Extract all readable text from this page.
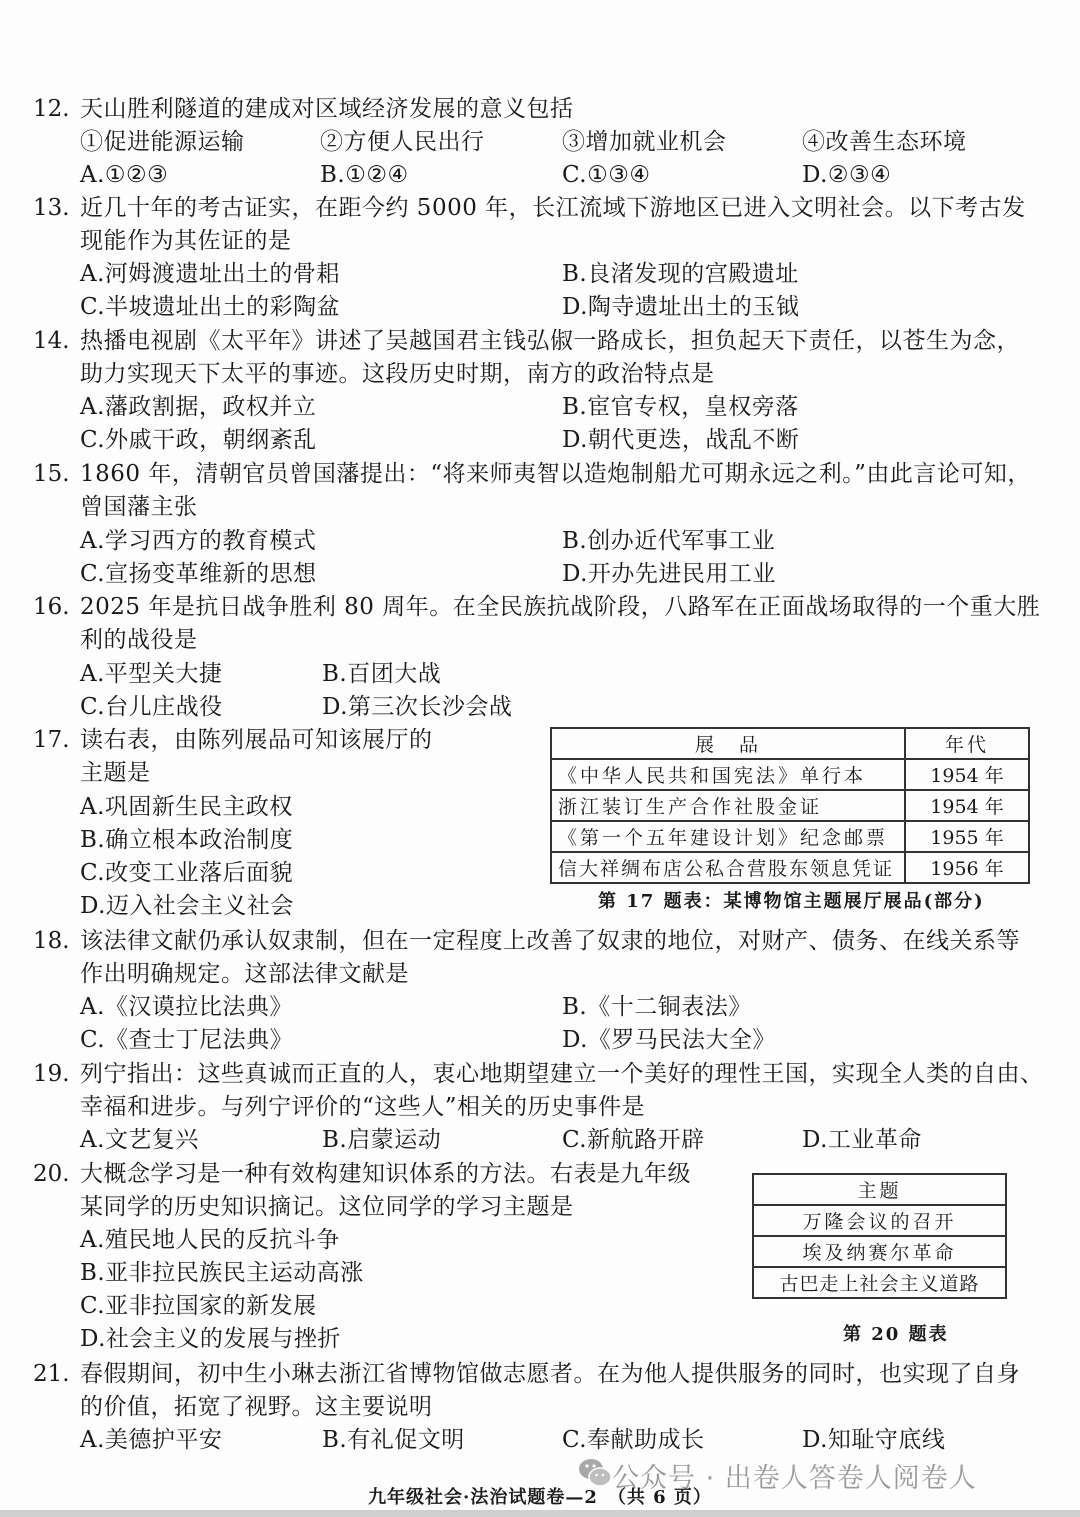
12. 天山胜利隧道的建成对区域经济发展的意义包括
①促进能源运输	②方便人民出行	③增加就业机会	④改善生态环境
A.①②③	B.①②④	C.①③④	D.②③④
13. 近几十年的考古证实，在距今约 5000 年，长江流域下游地区已进入文明社会。以下考古发
现能作为其佐证的是
A.河姆渡遗址出土的骨耜	B.良渚发现的宫殿遗址
C.半坡遗址出土的彩陶盆	D.陶寺遗址出土的玉钺
14. 热播电视剧《太平年》讲述了吴越国君主钱弘俶一路成长，担负起天下责任，以苍生为念，
助力实现天下太平的事迹。这段历史时期，南方的政治特点是
A.藩政割据，政权并立	B.宦官专权，皇权旁落
C.外戚干政，朝纲紊乱	D.朝代更迭，战乱不断
15. 1860 年，清朝官员曾国藩提出：“将来师夷智以造炮制船尤可期永远之利。”由此言论可知，
曾国藩主张
A.学习西方的教育模式	B.创办近代军事工业
C.宣扬变革维新的思想	D.开办先进民用工业
16. 2025 年是抗日战争胜利 80 周年。在全民族抗战阶段，八路军在正面战场取得的一个重大胜
利的战役是
A.平型关大捷	B.百团大战
C.台儿庄战役	D.第三次长沙会战
17. 读右表，由陈列展品可知该展厅的
主题是
A.巩固新生民主政权
B.确立根本政治制度
C.改变工业落后面貌
D.迈入社会主义社会
展　品	年代
《中华人民共和国宪法》单行本	1954 年
浙江装订生产合作社股金证	1954 年
《第一个五年建设计划》纪念邮票	1955 年
信大祥绸布店公私合营股东领息凭证	1956 年
第 17 题表：某博物馆主题展厅展品(部分)
18. 该法律文献仍承认奴隶制，但在一定程度上改善了奴隶的地位，对财产、债务、在线关系等
作出明确规定。这部法律文献是
A.《汉谟拉比法典》	B.《十二铜表法》
C.《查士丁尼法典》	D.《罗马民法大全》
19. 列宁指出：这些真诚而正直的人，衷心地期望建立一个美好的理性王国，实现全人类的自由、
幸福和进步。与列宁评价的“这些人”相关的历史事件是
A.文艺复兴	B.启蒙运动	C.新航路开辟	D.工业革命
20. 大概念学习是一种有效构建知识体系的方法。右表是九年级
某同学的历史知识摘记。这位同学的学习主题是
A.殖民地人民的反抗斗争
B.亚非拉民族民主运动高涨
C.亚非拉国家的新发展
D.社会主义的发展与挫折
主题
万隆会议的召开
埃及纳赛尔革命
古巴走上社会主义道路
第 20 题表
21. 春假期间，初中生小琳去浙江省博物馆做志愿者。在为他人提供服务的同时，也实现了自身
的价值，拓宽了视野。这主要说明
A.美德护平安	B.有礼促文明	C.奉献助成长	D.知耻守底线
公众号 · 出卷人答卷人阅卷人
九年级社会·法治试题卷—2　（共 6 页）
